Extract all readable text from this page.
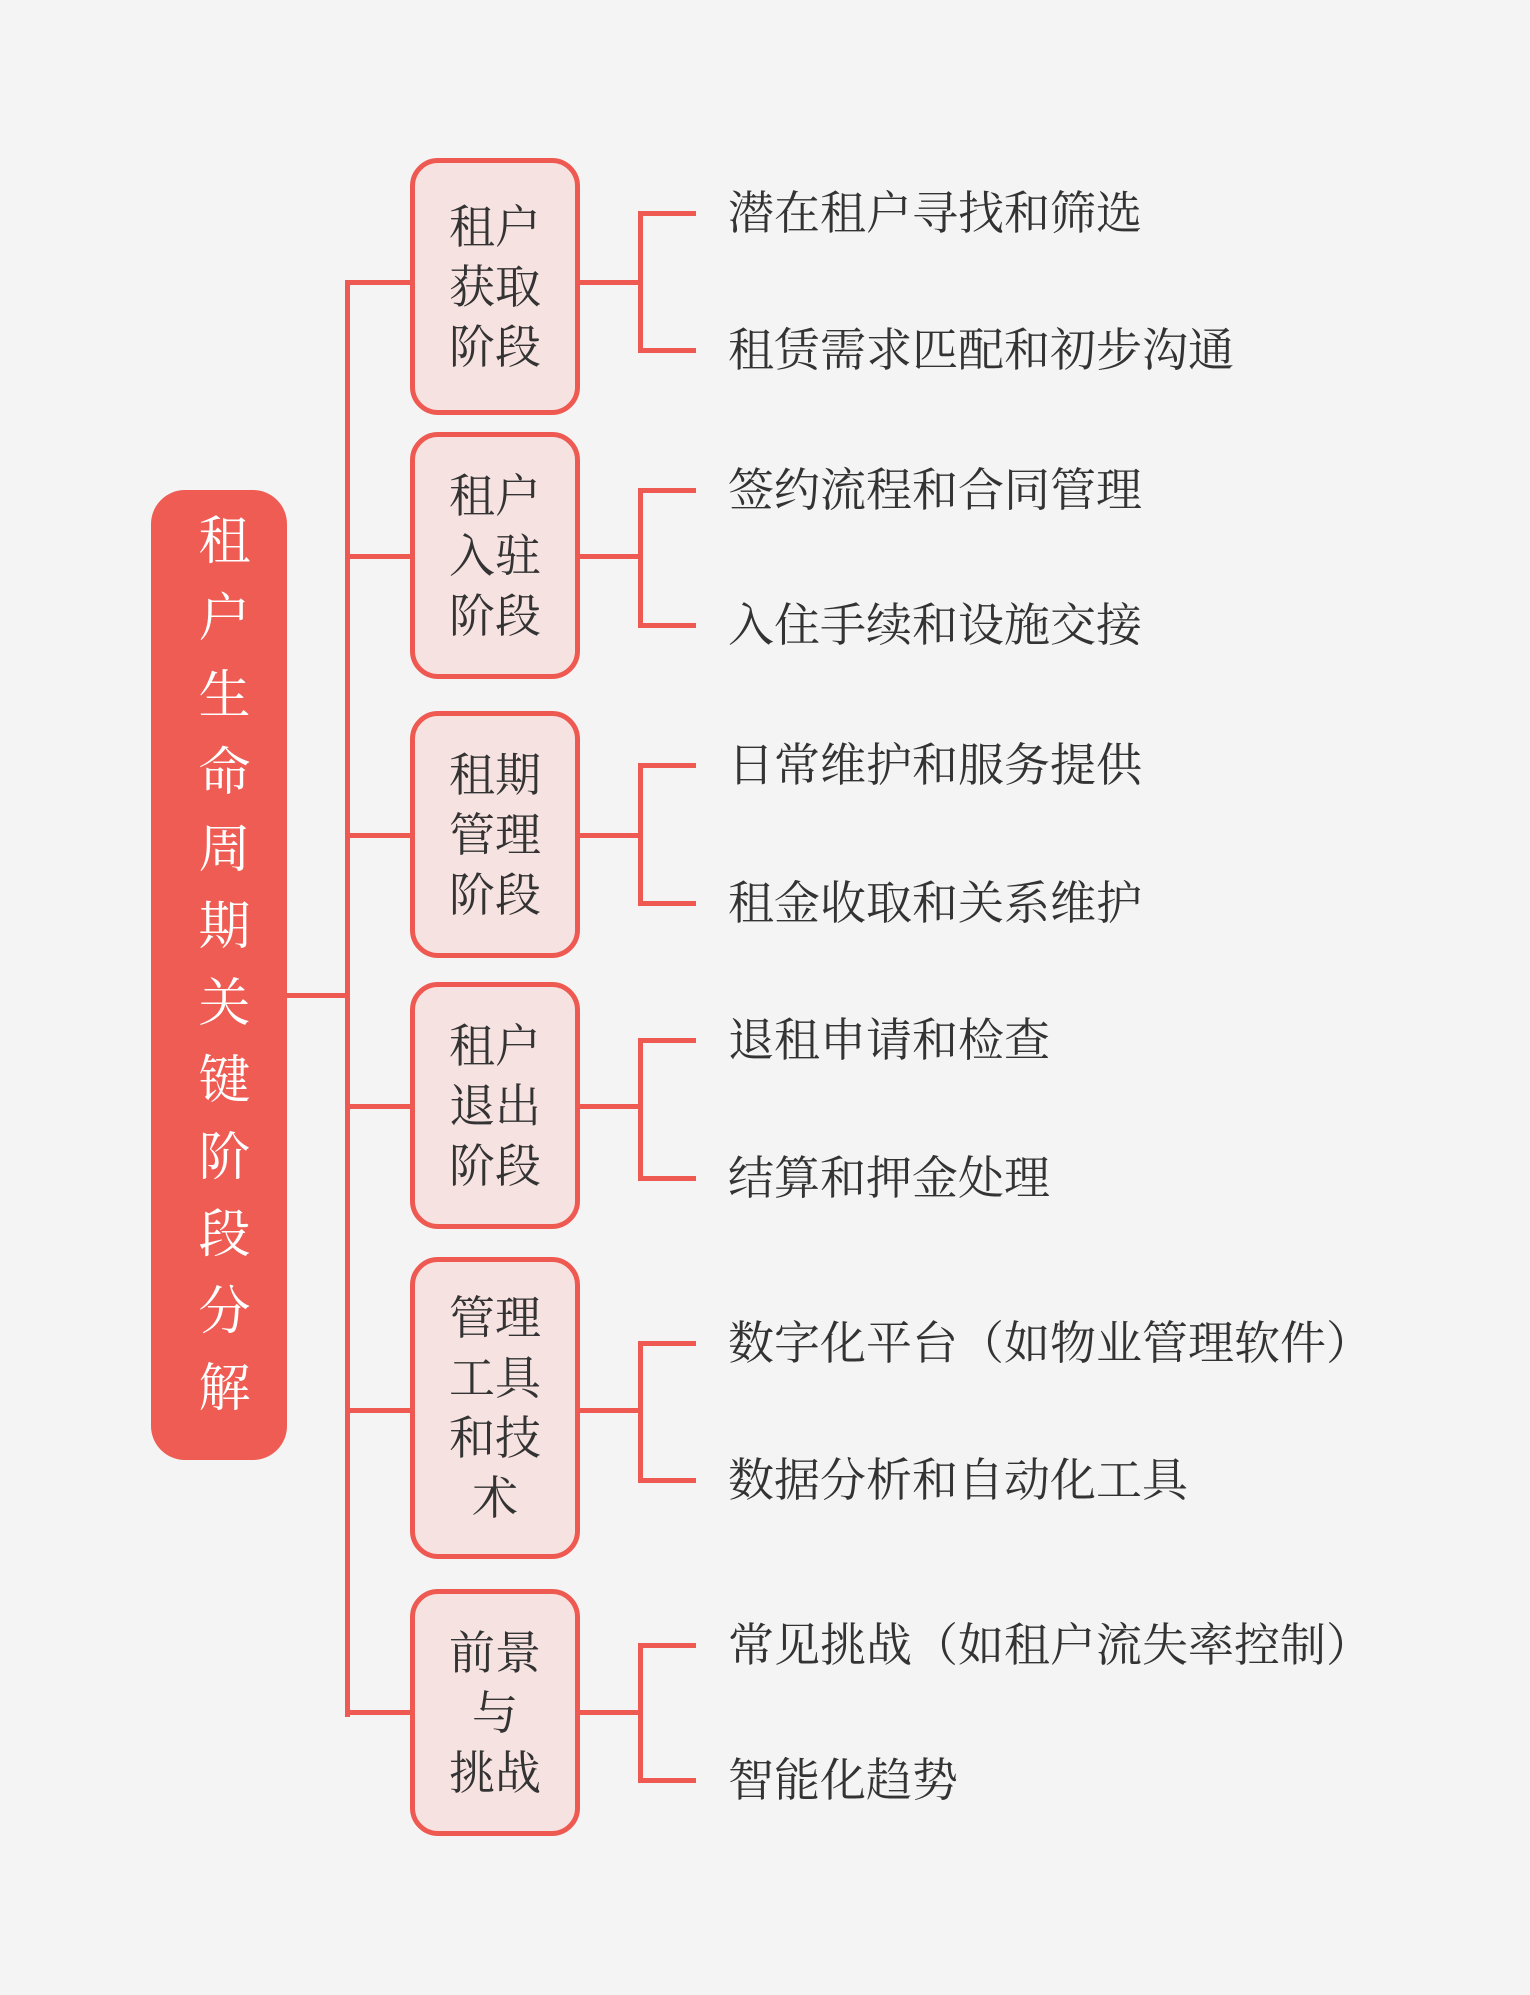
租户生命周期关键阶段分解
租户
获取
阶段
租户
入驻
阶段
租期
管理
阶段
租户
退出
阶段
管理
工具
和技
术
前景
与
挑战
潜在租户寻找和筛选
租赁需求匹配和初步沟通
签约流程和合同管理
入住手续和设施交接
日常维护和服务提供
租金收取和关系维护
退租申请和检查
结算和押金处理
数字化平台（如物业管理软件）
数据分析和自动化工具
常见挑战（如租户流失率控制）
智能化趋势
